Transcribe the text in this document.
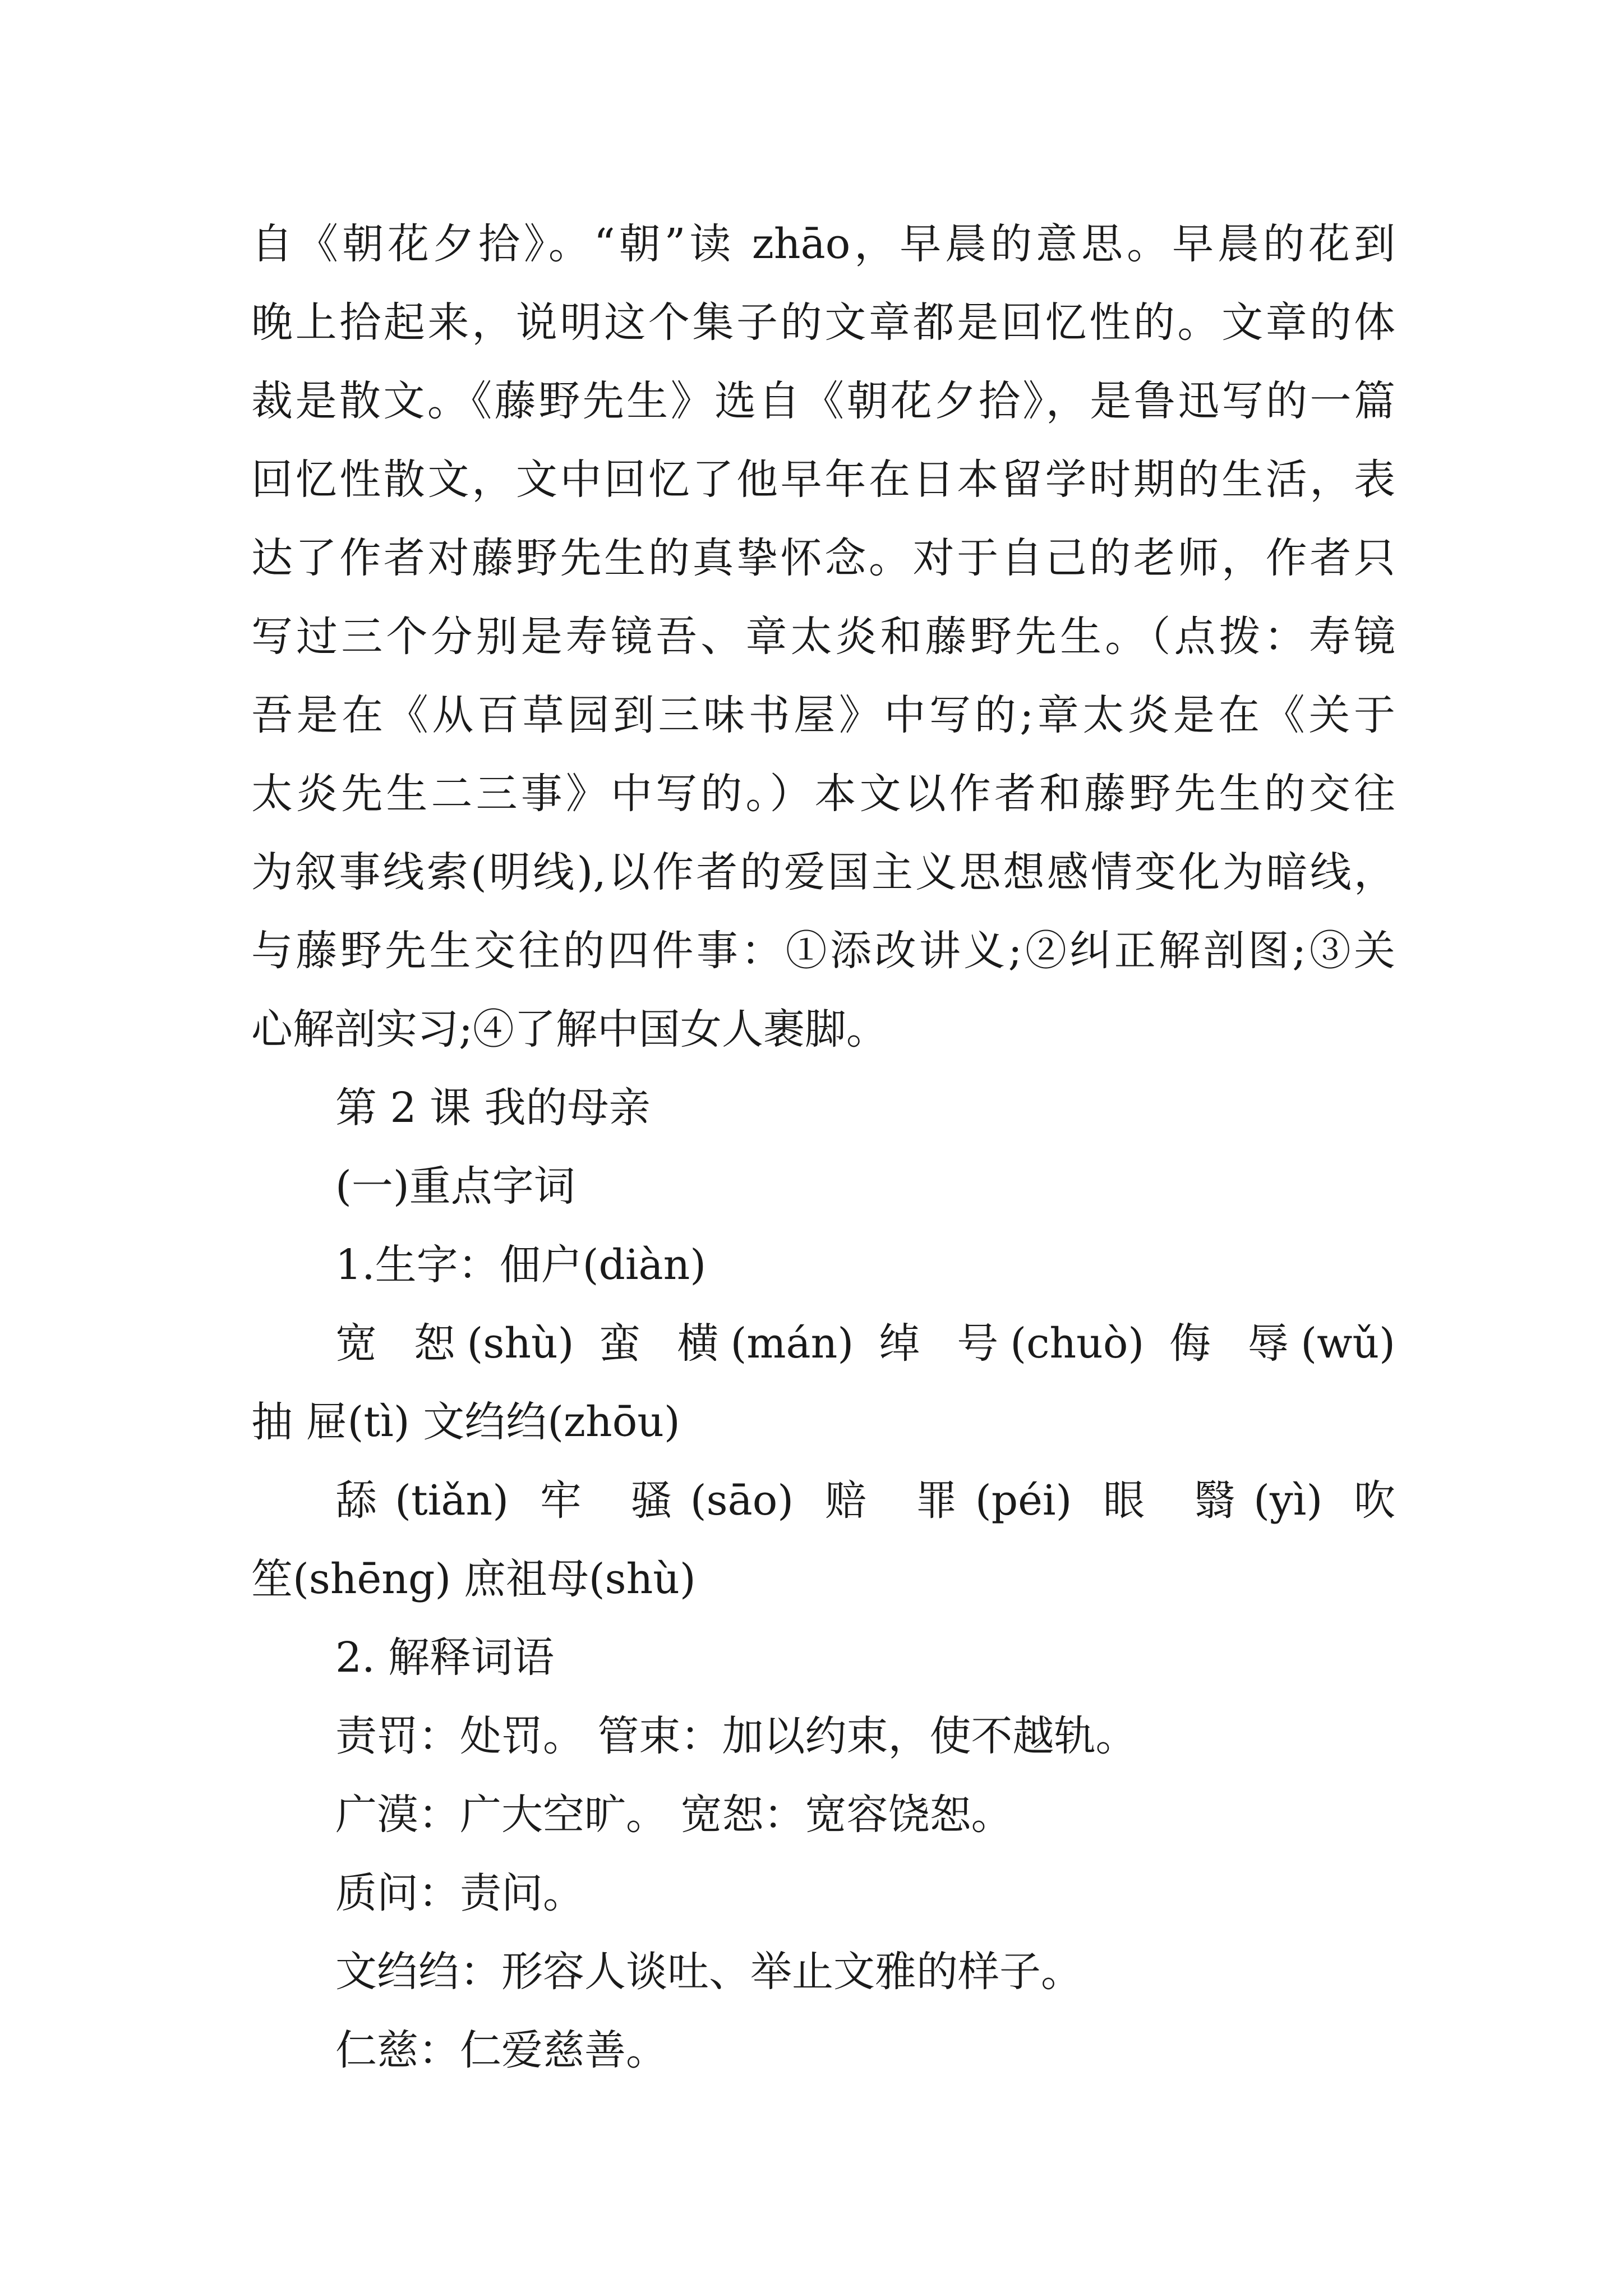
自《朝花夕拾》。“朝”读 zhāo，早晨的意思。早晨的花到
晚上拾起来，说明这个集子的文章都是回忆性的。文章的体
裁是散文。《藤野先生》选自《朝花夕拾》，是鲁迅写的一篇
回忆性散文，文中回忆了他早年在日本留学时期的生活，表
达了作者对藤野先生的真挚怀念。对于自己的老师，作者只
写过三个分别是寿镜吾、章太炎和藤野先生。（点拨：寿镜
吾是在《从百草园到三味书屋》中写的;章太炎是在《关于
太炎先生二三事》中写的。）本文以作者和藤野先生的交往
为叙事线索(明线),以作者的爱国主义思想感情变化为暗线，
与藤野先生交往的四件事：①添改讲义;②纠正解剖图;③关
心解剖实习;④了解中国女人裹脚。
第 2 课 我的母亲
(一)重点字词
1.生字：佃户(diàn)
宽 恕(shù) 蛮 横(mán) 绰 号(chuò) 侮 辱(wǔ)
抽 屉(tì) 文绉绉(zhōu)
舔(tiǎn) 牢 骚(sāo) 赔 罪(péi) 眼 翳(yì) 吹
笙(shēng) 庶祖母(shù)
2. 解释词语
责罚：处罚。 管束：加以约束，使不越轨。
广漠：广大空旷。 宽恕：宽容饶恕。
质问：责问。
文绉绉：形容人谈吐、举止文雅的样子。
仁慈：仁爱慈善。
